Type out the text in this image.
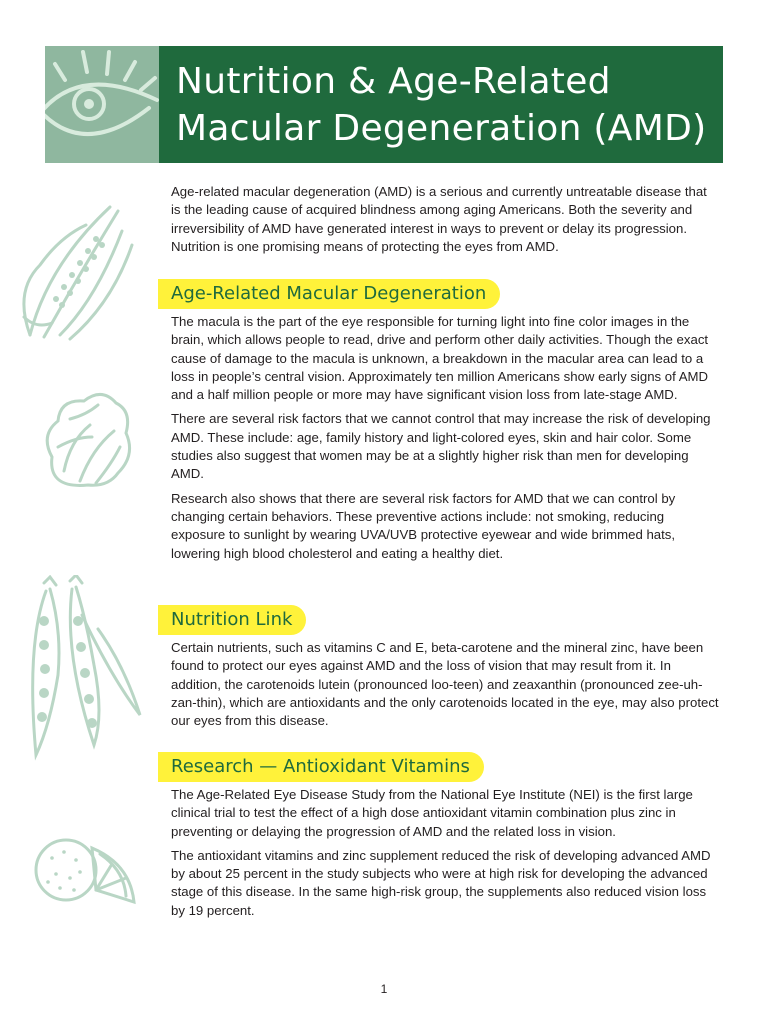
Nutrition & Age-Related
Macular Degeneration (AMD)

Age-related macular degeneration (AMD) is a serious and currently untreatable disease that is the leading cause of acquired blindness among aging Americans. Both the severity and irreversibility of AMD have generated interest in ways to prevent or delay its progression. Nutrition is one promising means of protecting the eyes from AMD.

Age-Related Macular Degeneration

The macula is the part of the eye responsible for turning light into fine color images in the brain, which allows people to read, drive and perform other daily activities. Though the exact cause of damage to the macula is unknown, a breakdown in the macular area can lead to a loss in people’s central vision. Approximately ten million Americans show early signs of AMD and a half million people or more may have significant vision loss from late-stage AMD.

There are several risk factors that we cannot control that may increase the risk of developing AMD. These include: age, family history and light-colored eyes, skin and hair color. Some studies also suggest that women may be at a slightly higher risk than men for developing AMD.

Research also shows that there are several risk factors for AMD that we can control by changing certain behaviors. These preventive actions include: not smoking, reducing exposure to sunlight by wearing UVA/UVB protective eyewear and wide brimmed hats, lowering high blood cholesterol and eating a healthy diet.

Nutrition Link

Certain nutrients, such as vitamins C and E, beta-carotene and the mineral zinc, have been found to protect our eyes against AMD and the loss of vision that may result from it. In addition, the carotenoids lutein (pronounced loo-teen) and zeaxanthin (pronounced zee-uh-zan-thin), which are antioxidants and the only carotenoids located in the eye, may also protect our eyes from this disease.

Research — Antioxidant Vitamins

The Age-Related Eye Disease Study from the National Eye Institute (NEI) is the first large clinical trial to test the effect of a high dose antioxidant vitamin combination plus zinc in preventing or delaying the progression of AMD and the related loss in vision.

The antioxidant vitamins and zinc supplement reduced the risk of developing advanced AMD by about 25 percent in the study subjects who were at high risk for developing the advanced stage of this disease. In the same high-risk group, the supplements also reduced vision loss by 19 percent.

1
